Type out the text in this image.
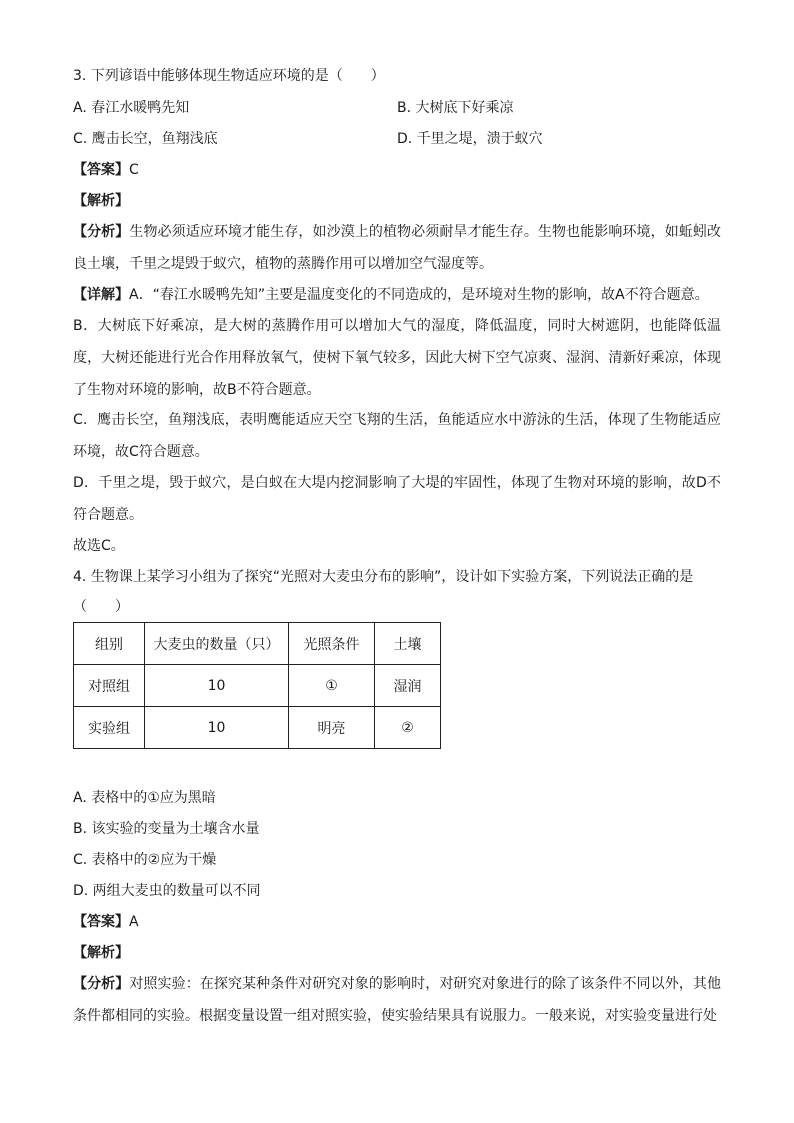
3. 下列谚语中能够体现生物适应环境的是（　　）
A. 春江水暖鸭先知	B. 大树底下好乘凉
C. 鹰击长空，鱼翔浅底	D. 千里之堤，溃于蚁穴
【答案】C
【解析】
【分析】生物必须适应环境才能生存，如沙漠上的植物必须耐旱才能生存。生物也能影响环境，如蚯蚓改良土壤，千里之堤毁于蚁穴，植物的蒸腾作用可以增加空气湿度等。
【详解】A．“春江水暖鸭先知”主要是温度变化的不同造成的，是环境对生物的影响，故A不符合题意。
B．大树底下好乘凉，是大树的蒸腾作用可以增加大气的湿度，降低温度，同时大树遮阴，也能降低温度，大树还能进行光合作用释放氧气，使树下氧气较多，因此大树下空气凉爽、湿润、清新好乘凉，体现了生物对环境的影响，故B不符合题意。
C．鹰击长空，鱼翔浅底，表明鹰能适应天空飞翔的生活，鱼能适应水中游泳的生活，体现了生物能适应环境，故C符合题意。
D．千里之堤，毁于蚁穴，是白蚁在大堤内挖洞影响了大堤的牢固性，体现了生物对环境的影响，故D不符合题意。
故选C。
4. 生物课上某学习小组为了探究“光照对大麦虫分布的影响”，设计如下实验方案，下列说法正确的是
（　　）
组别	大麦虫的数量（只）	光照条件	土壤
对照组	10	①	湿润
实验组	10	明亮	②
A. 表格中的①应为黑暗
B. 该实验的变量为土壤含水量
C. 表格中的②应为干燥
D. 两组大麦虫的数量可以不同
【答案】A
【解析】
【分析】对照实验：在探究某种条件对研究对象的影响时，对研究对象进行的除了该条件不同以外，其他条件都相同的实验。根据变量设置一组对照实验，使实验结果具有说服力。一般来说，对实验变量进行处
